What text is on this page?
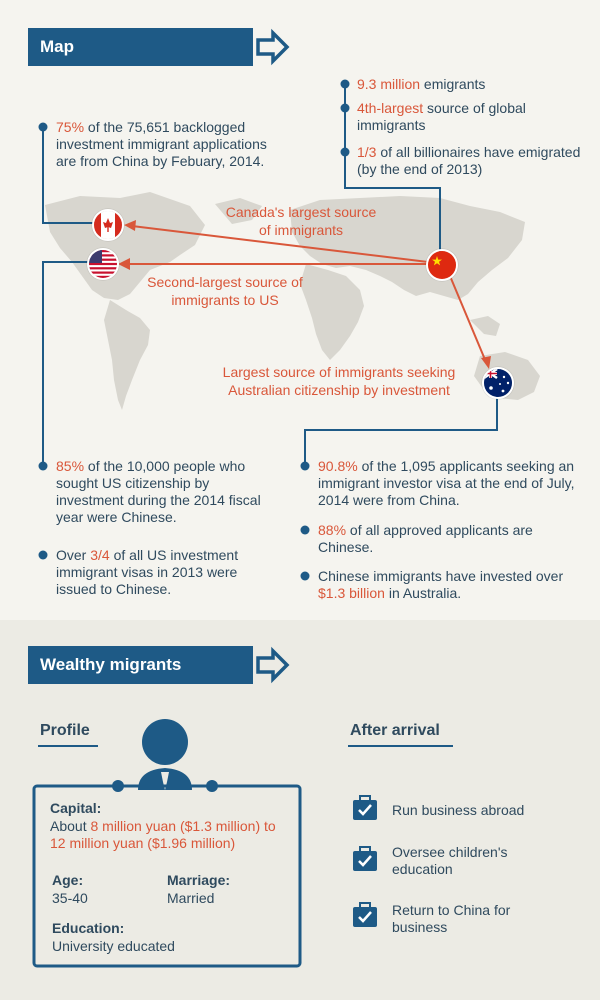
Map
75% of the 75,651 backlogged investment immigrant applications are from China by Febuary, 2014.
9.3 million emigrants
4th-largest source of global immigrants
1/3 of all billionaires have emigrated (by the end of 2013)
Canada's largest source of immigrants
Second-largest source of immigrants to US
Largest source of immigrants seeking Australian citizenship by investment
85% of the 10,000 people who sought US citizenship by investment during the 2014 fiscal year were Chinese.
Over 3/4 of all US investment immigrant visas in 2013 were issued to Chinese.
90.8% of the 1,095 applicants seeking an immigrant investor visa at the end of July, 2014 were from China.
88% of all approved applicants are Chinese.
Chinese immigrants have invested over $1.3 billion in Australia.
Wealthy migrants
Profile	After arrival
Capital:
About 8 million yuan ($1.3 million) to 12 million yuan ($1.96 million)
Age:
35-40
Marriage:
Married
Education:
University educated
Run business abroad
Oversee children's education
Return to China for business
